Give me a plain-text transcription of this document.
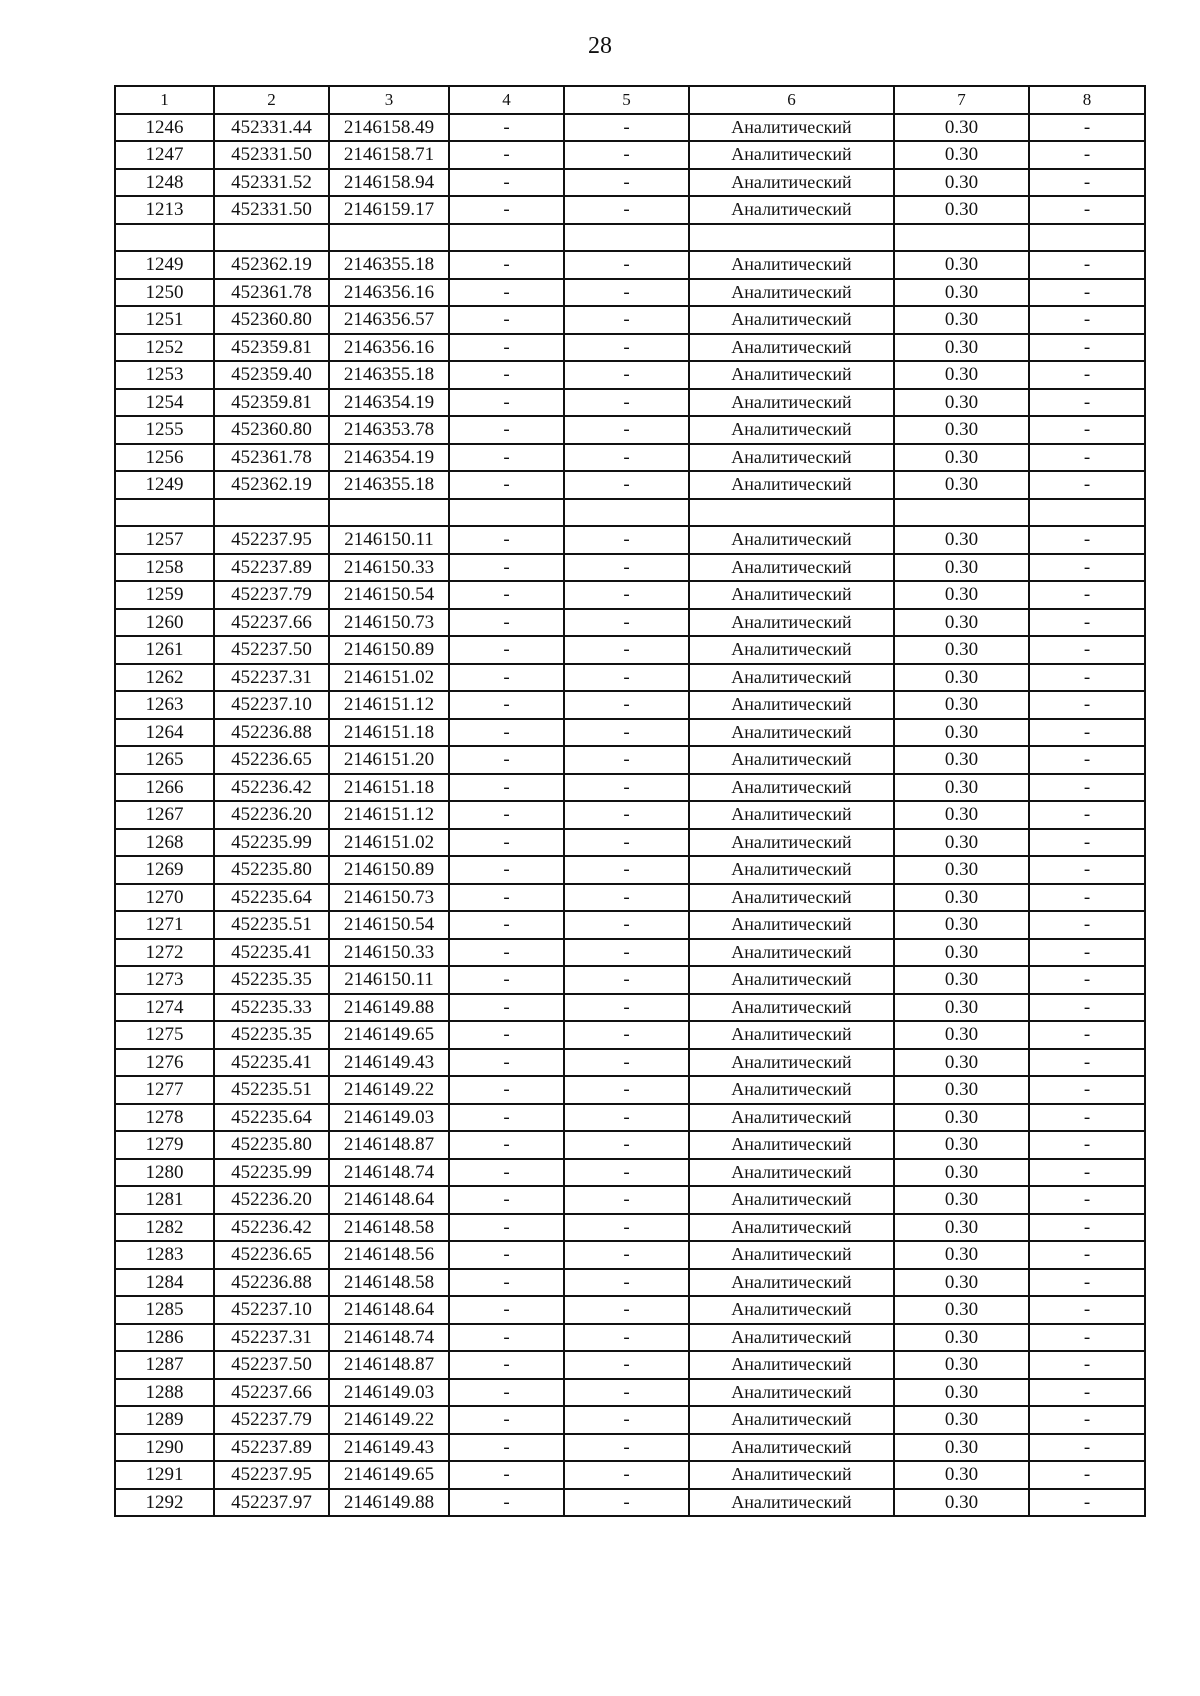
28
1	2	3	4	5	6	7	8
1246	452331.44	2146158.49	-	-	Аналитический	0.30	-
1247	452331.50	2146158.71	-	-	Аналитический	0.30	-
1248	452331.52	2146158.94	-	-	Аналитический	0.30	-
1213	452331.50	2146159.17	-	-	Аналитический	0.30	-

1249	452362.19	2146355.18	-	-	Аналитический	0.30	-
1250	452361.78	2146356.16	-	-	Аналитический	0.30	-
1251	452360.80	2146356.57	-	-	Аналитический	0.30	-
1252	452359.81	2146356.16	-	-	Аналитический	0.30	-
1253	452359.40	2146355.18	-	-	Аналитический	0.30	-
1254	452359.81	2146354.19	-	-	Аналитический	0.30	-
1255	452360.80	2146353.78	-	-	Аналитический	0.30	-
1256	452361.78	2146354.19	-	-	Аналитический	0.30	-
1249	452362.19	2146355.18	-	-	Аналитический	0.30	-

1257	452237.95	2146150.11	-	-	Аналитический	0.30	-
1258	452237.89	2146150.33	-	-	Аналитический	0.30	-
1259	452237.79	2146150.54	-	-	Аналитический	0.30	-
1260	452237.66	2146150.73	-	-	Аналитический	0.30	-
1261	452237.50	2146150.89	-	-	Аналитический	0.30	-
1262	452237.31	2146151.02	-	-	Аналитический	0.30	-
1263	452237.10	2146151.12	-	-	Аналитический	0.30	-
1264	452236.88	2146151.18	-	-	Аналитический	0.30	-
1265	452236.65	2146151.20	-	-	Аналитический	0.30	-
1266	452236.42	2146151.18	-	-	Аналитический	0.30	-
1267	452236.20	2146151.12	-	-	Аналитический	0.30	-
1268	452235.99	2146151.02	-	-	Аналитический	0.30	-
1269	452235.80	2146150.89	-	-	Аналитический	0.30	-
1270	452235.64	2146150.73	-	-	Аналитический	0.30	-
1271	452235.51	2146150.54	-	-	Аналитический	0.30	-
1272	452235.41	2146150.33	-	-	Аналитический	0.30	-
1273	452235.35	2146150.11	-	-	Аналитический	0.30	-
1274	452235.33	2146149.88	-	-	Аналитический	0.30	-
1275	452235.35	2146149.65	-	-	Аналитический	0.30	-
1276	452235.41	2146149.43	-	-	Аналитический	0.30	-
1277	452235.51	2146149.22	-	-	Аналитический	0.30	-
1278	452235.64	2146149.03	-	-	Аналитический	0.30	-
1279	452235.80	2146148.87	-	-	Аналитический	0.30	-
1280	452235.99	2146148.74	-	-	Аналитический	0.30	-
1281	452236.20	2146148.64	-	-	Аналитический	0.30	-
1282	452236.42	2146148.58	-	-	Аналитический	0.30	-
1283	452236.65	2146148.56	-	-	Аналитический	0.30	-
1284	452236.88	2146148.58	-	-	Аналитический	0.30	-
1285	452237.10	2146148.64	-	-	Аналитический	0.30	-
1286	452237.31	2146148.74	-	-	Аналитический	0.30	-
1287	452237.50	2146148.87	-	-	Аналитический	0.30	-
1288	452237.66	2146149.03	-	-	Аналитический	0.30	-
1289	452237.79	2146149.22	-	-	Аналитический	0.30	-
1290	452237.89	2146149.43	-	-	Аналитический	0.30	-
1291	452237.95	2146149.65	-	-	Аналитический	0.30	-
1292	452237.97	2146149.88	-	-	Аналитический	0.30	-
